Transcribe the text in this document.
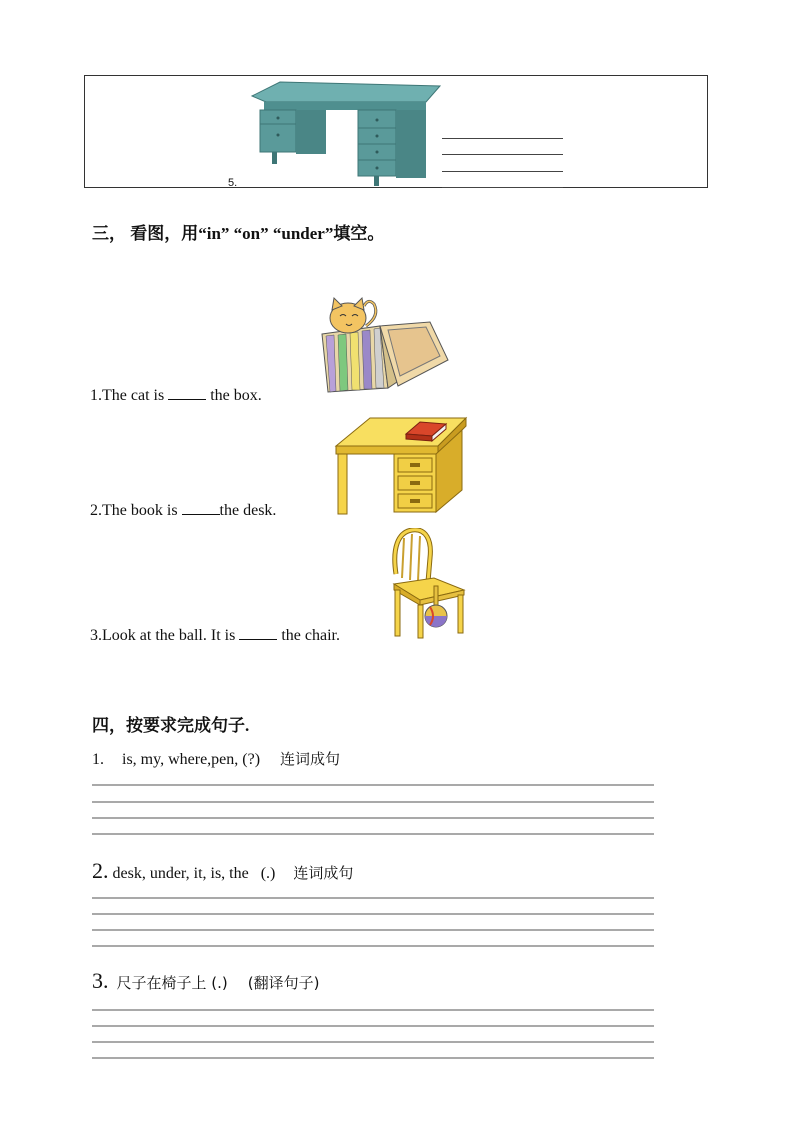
5.
三， 看图，用“in” “on” “under”填空。
1.The cat is  the box.
2.The book is the desk.
3.Look at the ball. It is  the chair.
四，按要求完成句子.
1. is, my, where,pen, (?) 连词成句
2. desk, under, it, is, the   (.) 连词成句
3. 尺子在椅子上 (.) (翻译句子)
